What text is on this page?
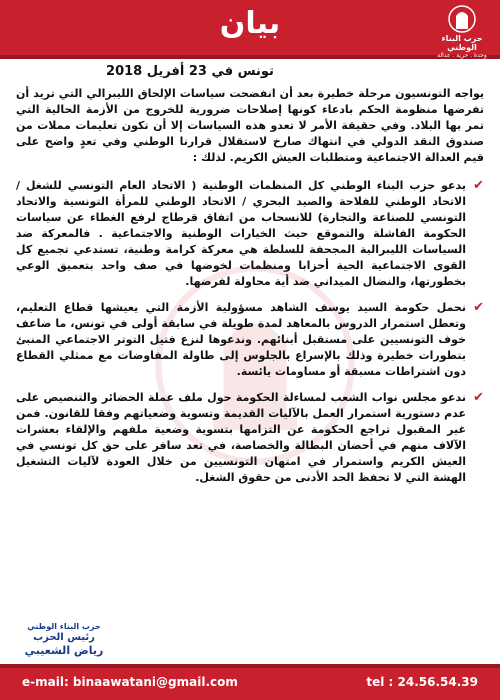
بيان	حزب البناء الوطني
وحدة . حرية . عدالة اجتماعية
تونس في 23 أفريل 2018
يواجه التونسيون مرحلة خطيرة بعد أن انفضحت سياسات الإلحاق الليبرالي التي تريد أن تفرضها منظومة الحكم بادعاء كونها إصلاحات ضرورية للخروج من الأزمة الحالية التي تمر بها البلاد. وفي حقيقة الأمر لا تعدو هذه السياسات إلا أن تكون تعليمات مملات من صندوق النقد الدولي في انتهاك صارخ لاستقلال قرارنا الوطني وفي تعدٍ واضح على قيم العدالة الاجتماعية ومتطلبات العيش الكريم. لذلك :
✔
يدعو حزب البناء الوطني كل المنظمات الوطنية ( الاتحاد العام التونسي للشغل / الاتحاد الوطني للفلاحة والصيد البحري / الاتحاد الوطني للمرأة التونسية والاتحاد التونسي للصناعة والتجارة) للانسحاب من اتفاق قرطاج لرفع الغطاء عن سياسات الحكومة الفاشلة والتموقع حيث الخيارات الوطنية والاجتماعية . فالمعركة ضد السياسات الليبرالية المجحفة للسلطة هي معركة كرامة وطنية، تستدعي تجميع كل القوى الاجتماعية الحية أحزابا ومنظمات لخوضها في صف واحد بتعميق الوعي بخطورتها، والنضال الميداني ضد أية محاولة لفرضها.
✔
نحمل حكومة السيد يوسف الشاهد مسؤولية الأزمة التي يعيشها قطاع التعليم، وتعطل استمرار الدروس بالمعاهد لمدة طويلة في سابقة أولى في تونس، ما ضاعف خوف التونسيين على مستقبل أبنائهم. وندعوها لنزع فتيل التوتر الاجتماعي المنبئ بتطورات خطيرة وذلك بالإسراع بالجلوس إلى طاولة المفاوضات مع ممثلي القطاع دون اشتراطات مسبقة أو مساومات يائسة.
✔
ندعو مجلس نواب الشعب لمساءلة الحكومة حول ملف عملة الحضائر والتنصيص على عدم دستورية استمرار العمل بالآليات القديمة وتسوية وضعياتهم وفقا للقانون. فمن غير المقبول تراجع الحكومة عن التزامها بتسوية وضعية ملفهم والإلقاء بعشرات الآلاف منهم في أحضان البطالة والخصاصة، في تعد سافر على حق كل تونسي في العيش الكريم واستمرار في امتهان التونسيين من خلال العودة لآليات التشغيل الهشة التي لا تحفظ الحد الأدنى من حقوق الشغل.
حزب البناء الوطني
رئيس الحزب
رياض الشعيبي
e-mail: binaawatani@gmail.com	tel : 24.56.54.39
